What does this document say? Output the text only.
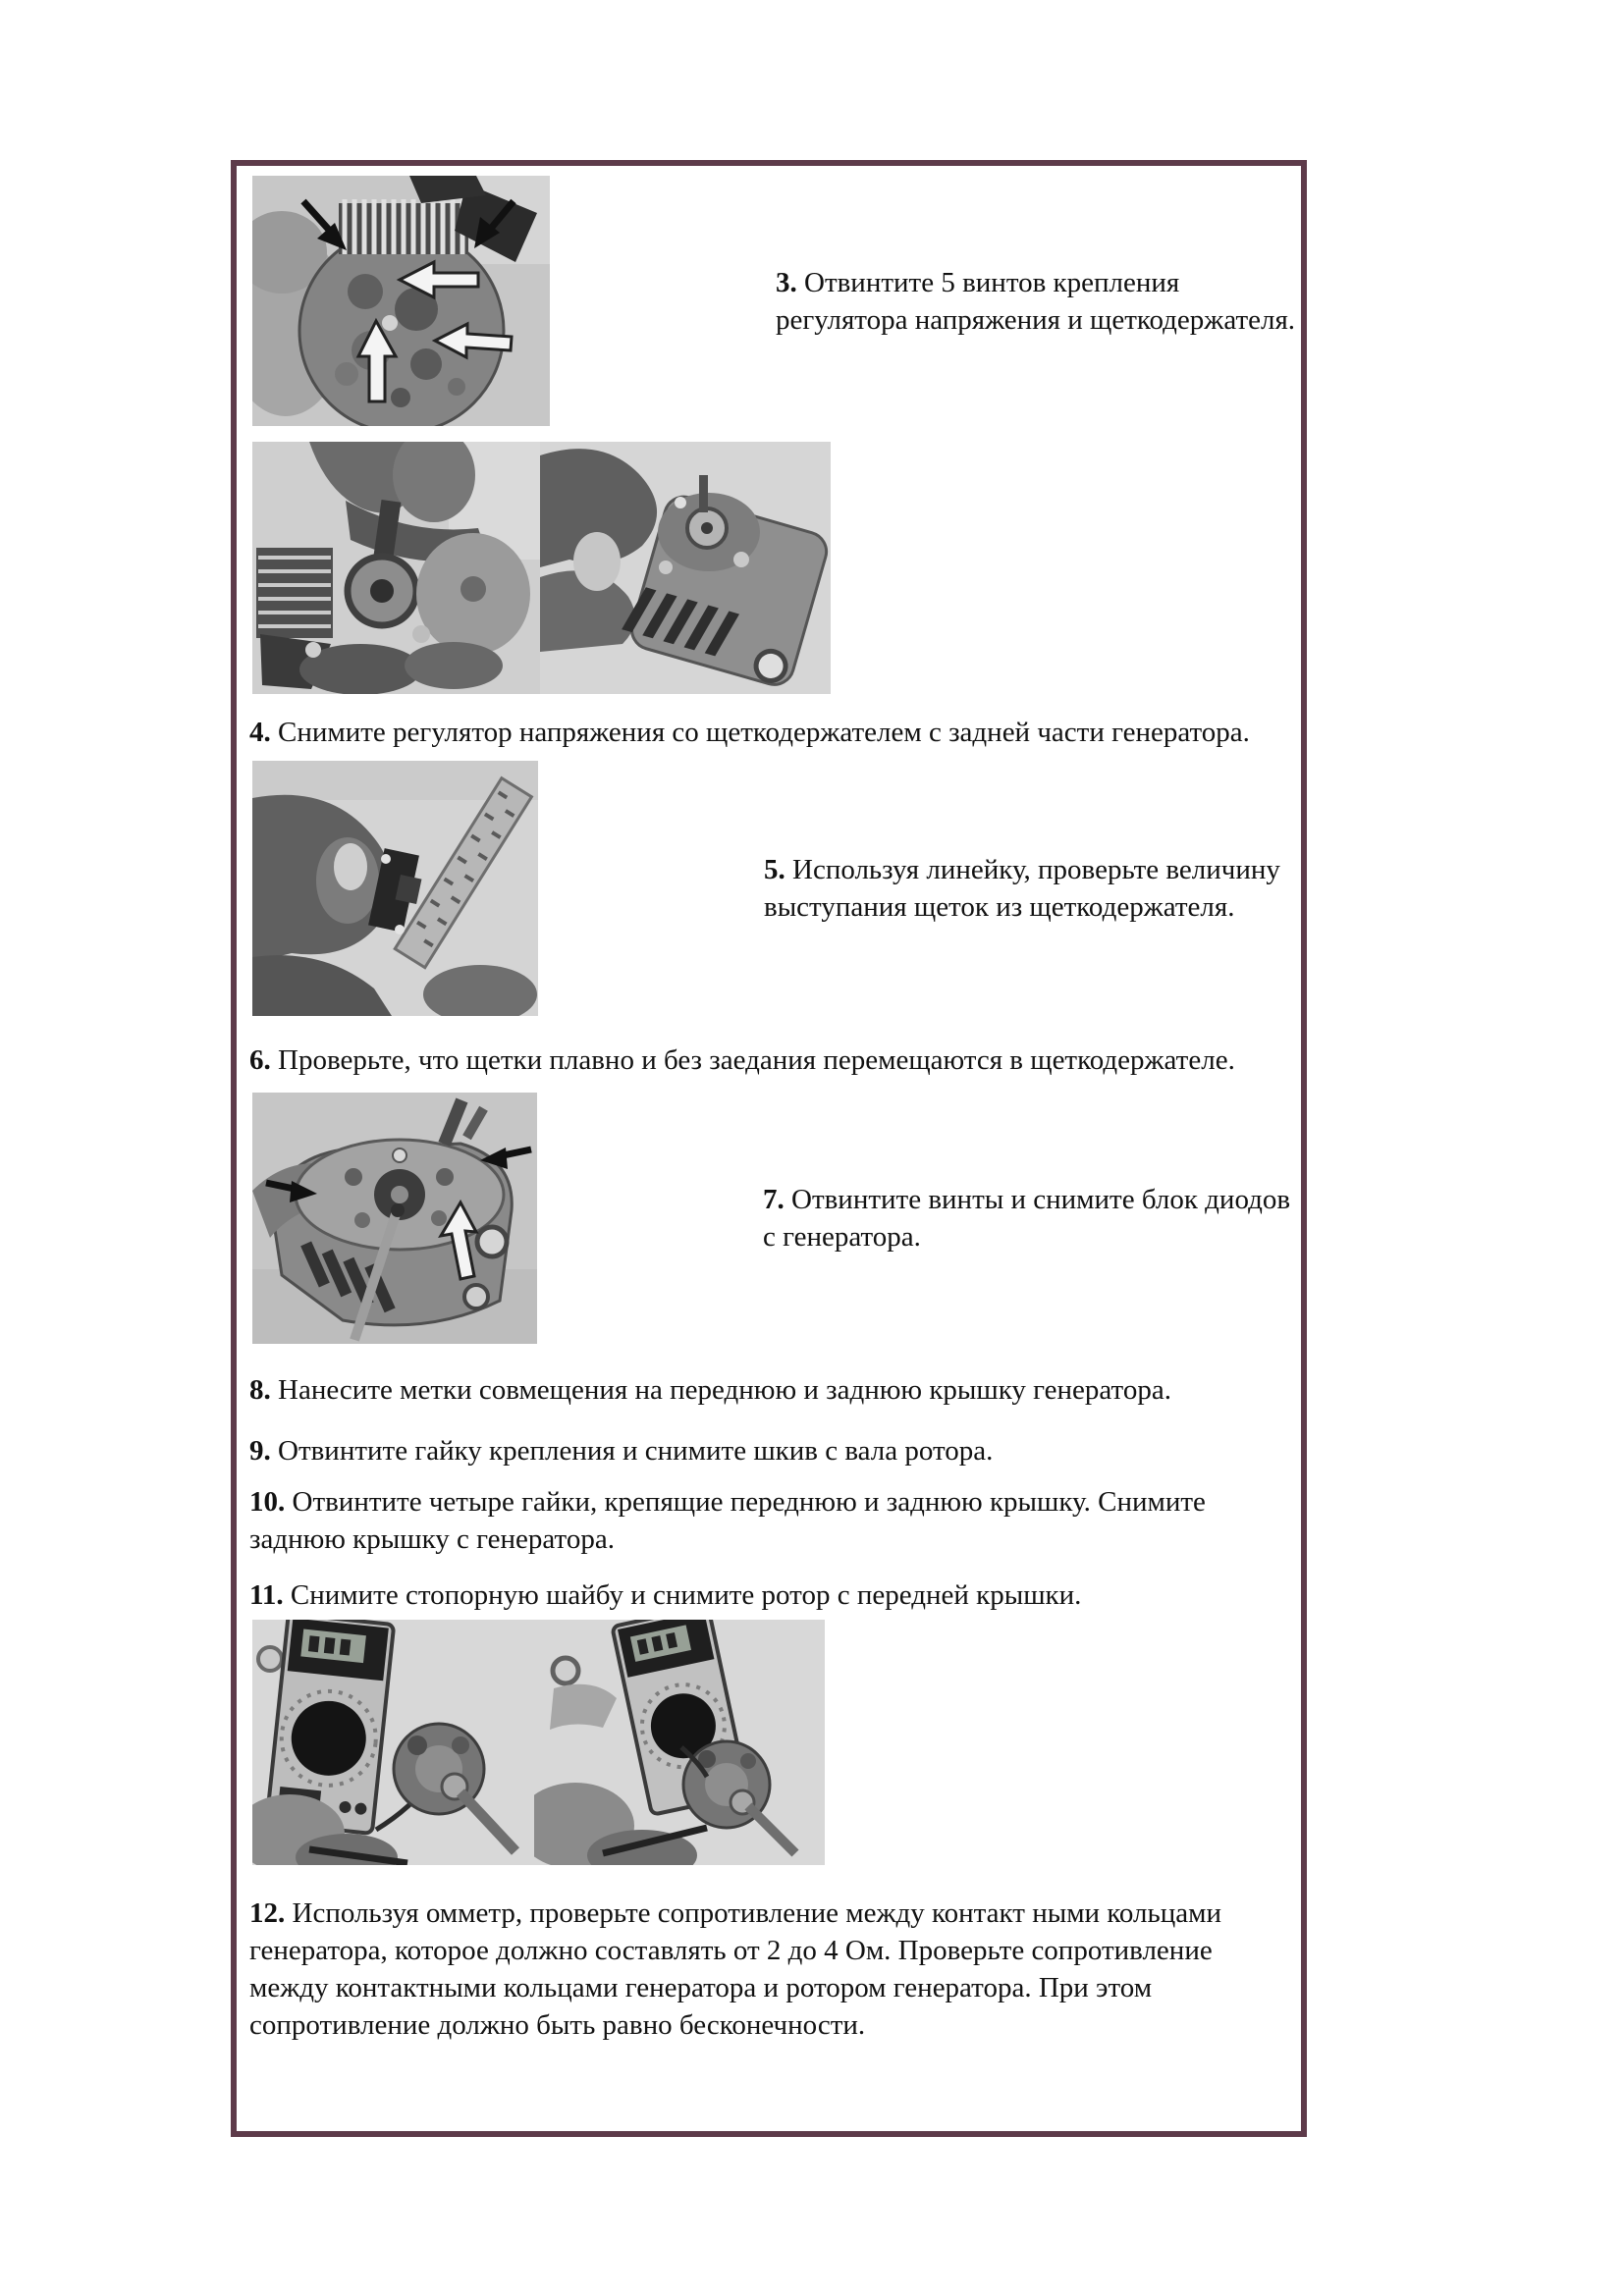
3. Отвинтите 5 винтов крепления регулятора напряжения и щеткодержателя.

4. Снимите регулятор напряжения со щеткодержателем с задней части генератора.

5. Используя линейку, проверьте величину выступания щеток из щеткодержателя.

6. Проверьте, что щетки плавно и без заедания перемещаются в щеткодержателе.

7. Отвинтите винты и снимите блок диодов с генератора.

8. Нанесите метки совмещения на переднюю и заднюю крышку генератора.

9. Отвинтите гайку крепления и снимите шкив с вала ротора.

10. Отвинтите четыре гайки, крепящие переднюю и заднюю крышку. Снимите заднюю крышку с генератора.

11. Снимите стопорную шайбу и снимите ротор с передней крышки.

12. Используя омметр, проверьте сопротивление между контакт ными кольцами генератора, которое должно составлять от 2 до 4 Ом. Проверьте сопротивление между контактными кольцами генератора и ротором генератора. При этом сопротивление должно быть равно бесконечности.
